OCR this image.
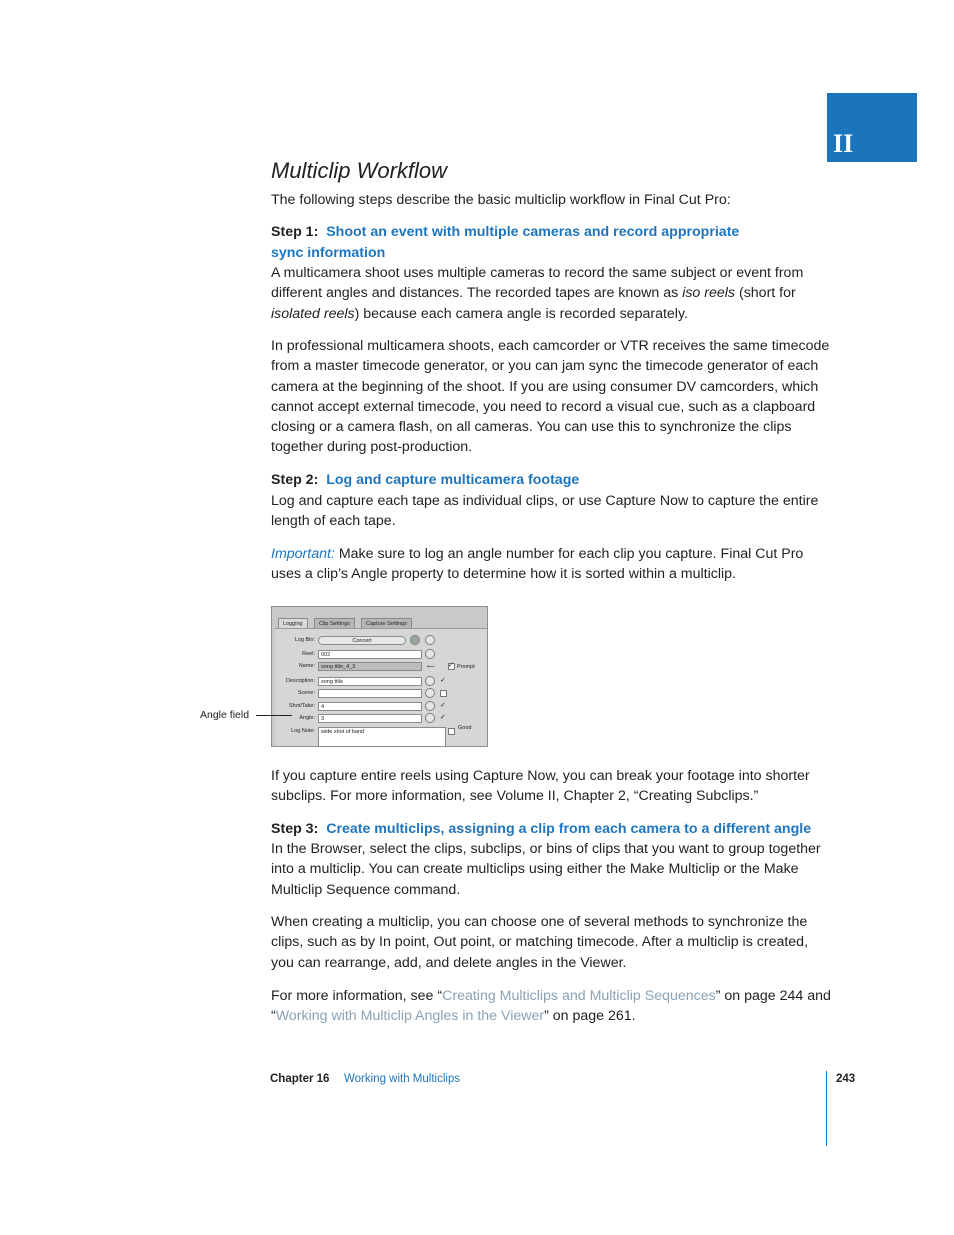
II
Multiclip Workflow

The following steps describe the basic multiclip workflow in Final Cut Pro:

Step 1: Shoot an event with multiple cameras and record appropriate
sync information

A multicamera shoot uses multiple cameras to record the same subject or event from different angles and distances. The recorded tapes are known as iso reels (short for isolated reels) because each camera angle is recorded separately.

In professional multicamera shoots, each camcorder or VTR receives the same timecode from a master timecode generator, or you can jam sync the timecode generator of each camera at the beginning of the shoot. If you are using consumer DV camcorders, which cannot accept external timecode, you need to record a visual cue, such as a clapboard closing or a camera flash, on all cameras. You can use this to synchronize the clips together during post-production.

Step 2: Log and capture multicamera footage

Log and capture each tape as individual clips, or use Capture Now to capture the entire length of each tape.

Important: Make sure to log an angle number for each clip you capture. Final Cut Pro uses a clip’s Angle property to determine how it is sorted within a multiclip.

Logging	Clip Settings	Capture Settings
Log Bin:	Concert
Reel:	002
Name:	song title_4_3	⟵ ✓ Prompt
Description:	song title	✓
Scene:
Shot/Take:	4	✓
Angle:	3	✓
Log Note:	wide shot of band
Good
Angle field

If you capture entire reels using Capture Now, you can break your footage into shorter subclips. For more information, see Volume II, Chapter 2, “Creating Subclips.”

Step 3: Create multiclips, assigning a clip from each camera to a different angle

In the Browser, select the clips, subclips, or bins of clips that you want to group together into a multiclip. You can create multiclips using either the Make Multiclip or the Make Multiclip Sequence command.

When creating a multiclip, you can choose one of several methods to synchronize the clips, such as by In point, Out point, or matching timecode. After a multiclip is created, you can rearrange, add, and delete angles in the Viewer.

For more information, see “Creating Multiclips and Multiclip Sequences” on page 244 and “Working with Multiclip Angles in the Viewer” on page 261.

Chapter 16 Working with Multiclips	243
